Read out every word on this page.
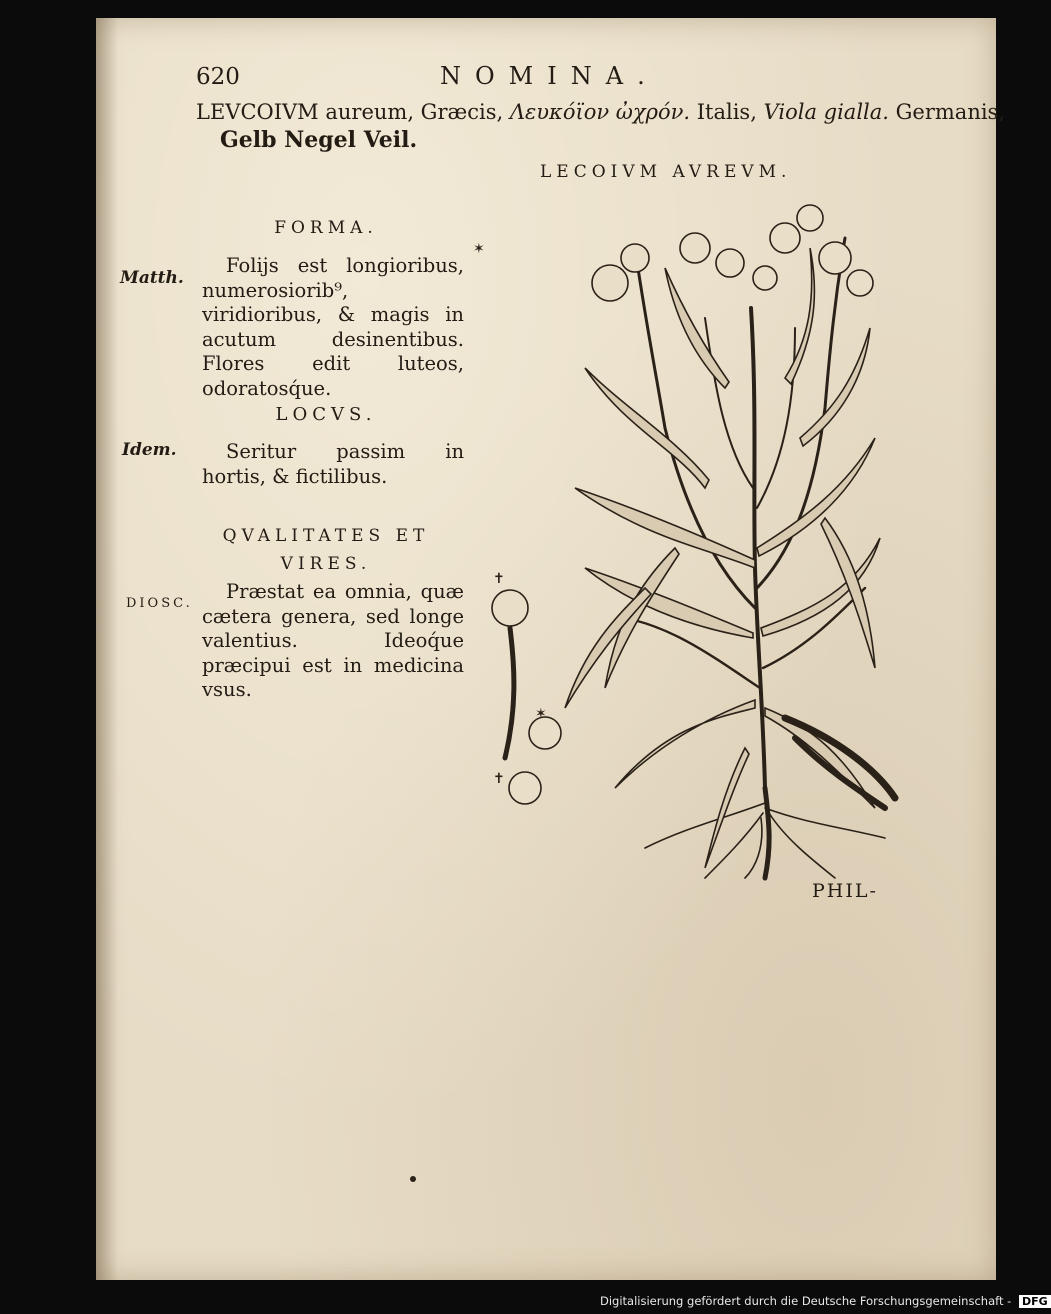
620	NOMINA.
LEVCOIVM aureum, Græcis, Λευκόϊον ὠχρόν. Italis, Viola gialla. Germanis,
Gelb Negel Veil.
LECOIVM AVREVM.
FORMA.
Matth.
Folijs est longioribus, numerosiorib⁹, viridioribus, & magis in acutum desinentibus. Flores edit luteos, odoratosq́ue.
LOCVS.
Idem.	Seritur passim in hortis, & fictilibus.
QVALITATES ET
VIRES.
DIOSC.
Præstat ea omnia, quæ cætera genera, sed longe valentius. Ideoq́ue præcipui est in medicina vsus.
✶
✝
✶
✝
PHIL-
Digitalisierung gefördert durch die Deutsche Forschungsgemeinschaft - DFG
